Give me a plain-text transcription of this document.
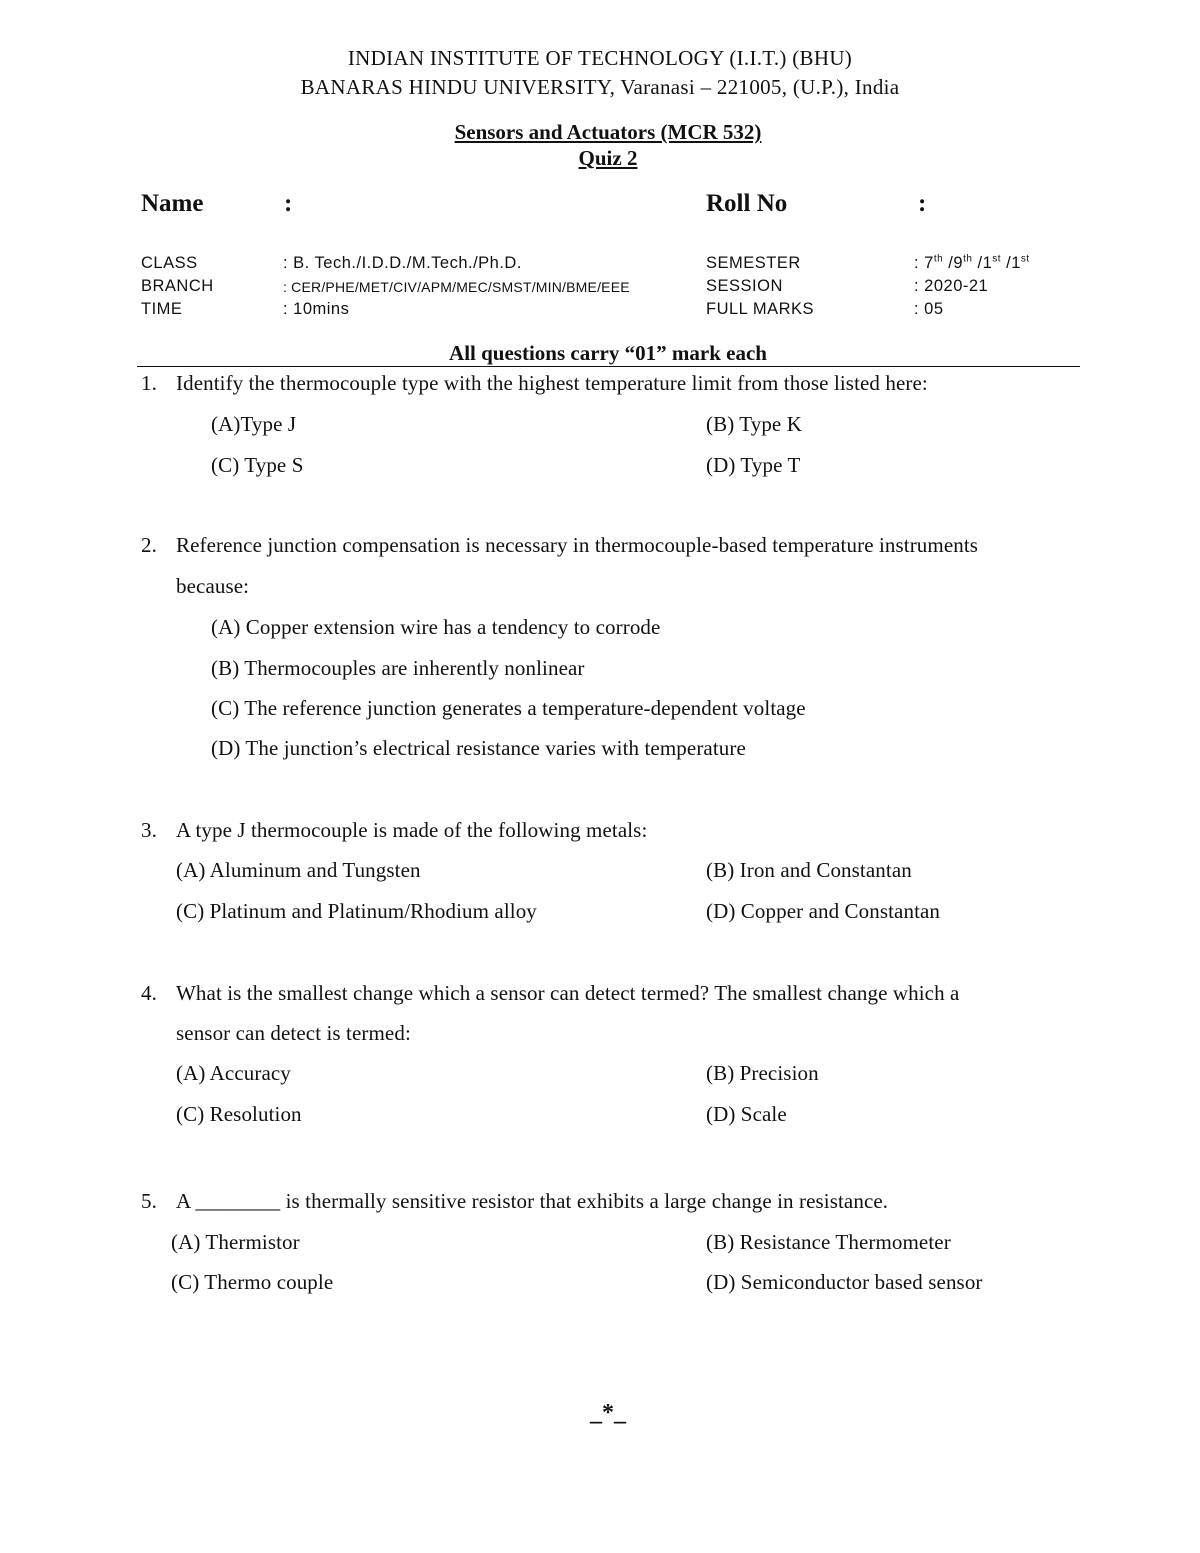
INDIAN INSTITUTE OF TECHNOLOGY (I.I.T.) (BHU)
BANARAS HINDU UNIVERSITY, Varanasi – 221005, (U.P.), India
Sensors and Actuators (MCR 532)
Quiz 2
Name	:	Roll No	:
CLASS	: B. Tech./I.D.D./M.Tech./Ph.D.
BRANCH	: CER/PHE/MET/CIV/APM/MEC/SMST/MIN/BME/EEE
TIME	: 10mins
SEMESTER	: 7th /9th /1st /1st
SESSION	: 2020-21
FULL MARKS	: 05
All questions carry “01” mark each
1. Identify the thermocouple type with the highest temperature limit from those listed here:
(A)Type J	(B) Type K
(C) Type S	(D) Type T
2. Reference junction compensation is necessary in thermocouple-based temperature instruments
because:
(A) Copper extension wire has a tendency to corrode
(B) Thermocouples are inherently nonlinear
(C) The reference junction generates a temperature-dependent voltage
(D) The junction’s electrical resistance varies with temperature
3. A type J thermocouple is made of the following metals:
(A) Aluminum and Tungsten	(B) Iron and Constantan
(C) Platinum and Platinum/Rhodium alloy	(D) Copper and Constantan
4. What is the smallest change which a sensor can detect termed? The smallest change which a
sensor can detect is termed:
(A) Accuracy	(B) Precision
(C) Resolution	(D) Scale
5. A ________ is thermally sensitive resistor that exhibits a large change in resistance.
(A) Thermistor	(B) Resistance Thermometer
(C) Thermo couple	(D) Semiconductor based sensor
_*_
